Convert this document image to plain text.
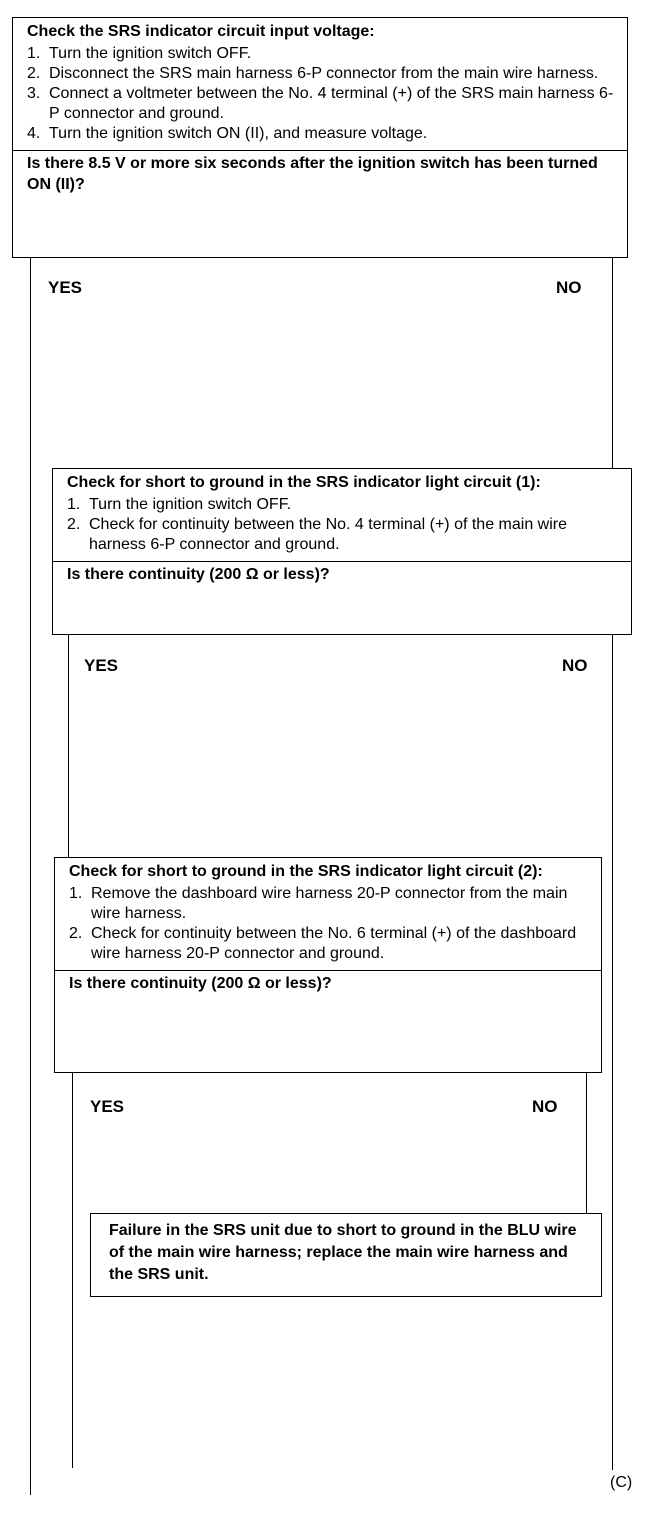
Check the SRS indicator circuit input voltage:
1. Turn the ignition switch OFF.
2. Disconnect the SRS main harness 6-P connector from the main wire harness.
3. Connect a voltmeter between the No. 4 terminal (+) of the SRS main harness 6-P connector and ground.
4. Turn the ignition switch ON (II), and measure voltage.
Is there 8.5 V or more six seconds after the ignition switch has been turned ON (II)?
YES	NO
Check for short to ground in the SRS indicator light circuit (1):
1. Turn the ignition switch OFF.
2. Check for continuity between the No. 4 terminal (+) of the main wire harness 6-P connector and ground.
Is there continuity (200 Ω or less)?
YES	NO
Check for short to ground in the SRS indicator light circuit (2):
1. Remove the dashboard wire harness 20-P connector from the main wire harness.
2. Check for continuity between the No. 6 terminal (+) of the dashboard wire harness 20-P connector and ground.
Is there continuity (200 Ω or less)?
YES	NO
Failure in the SRS unit due to short to ground in the BLU wire of the main wire harness; replace the main wire harness and the SRS unit.
(C)
